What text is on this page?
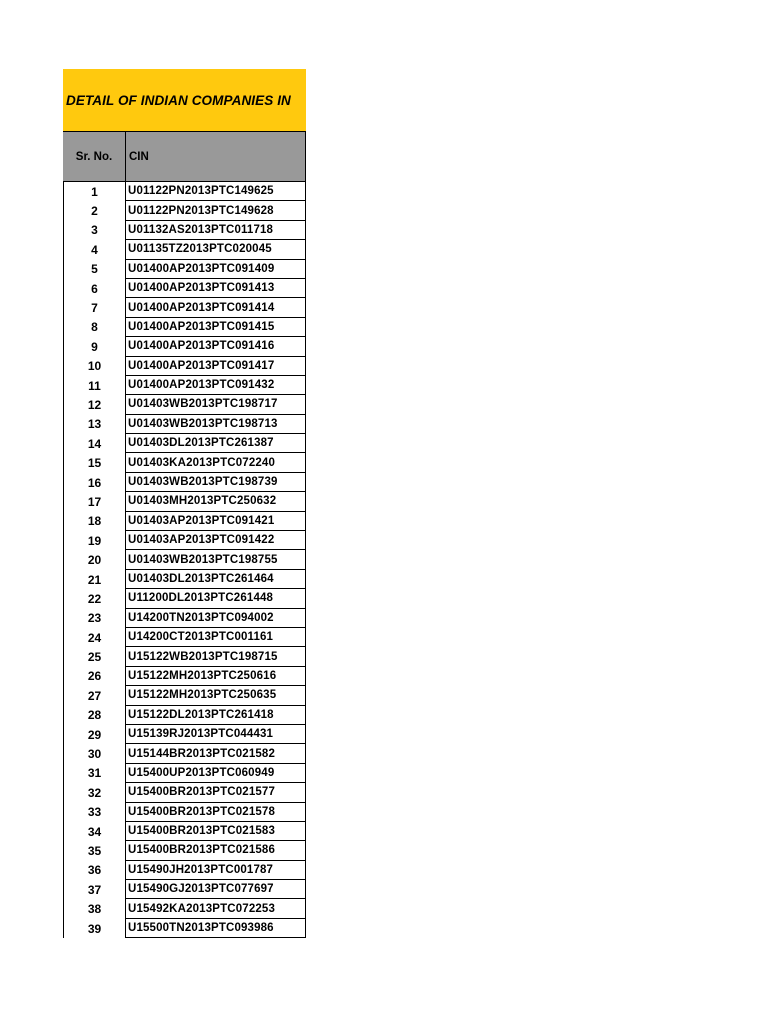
DETAIL OF INDIAN COMPANIES IN
Sr. No.	CIN
1	U01122PN2013PTC149625
2	U01122PN2013PTC149628
3	U01132AS2013PTC011718
4	U01135TZ2013PTC020045
5	U01400AP2013PTC091409
6	U01400AP2013PTC091413
7	U01400AP2013PTC091414
8	U01400AP2013PTC091415
9	U01400AP2013PTC091416
10	U01400AP2013PTC091417
11	U01400AP2013PTC091432
12	U01403WB2013PTC198717
13	U01403WB2013PTC198713
14	U01403DL2013PTC261387
15	U01403KA2013PTC072240
16	U01403WB2013PTC198739
17	U01403MH2013PTC250632
18	U01403AP2013PTC091421
19	U01403AP2013PTC091422
20	U01403WB2013PTC198755
21	U01403DL2013PTC261464
22	U11200DL2013PTC261448
23	U14200TN2013PTC094002
24	U14200CT2013PTC001161
25	U15122WB2013PTC198715
26	U15122MH2013PTC250616
27	U15122MH2013PTC250635
28	U15122DL2013PTC261418
29	U15139RJ2013PTC044431
30	U15144BR2013PTC021582
31	U15400UP2013PTC060949
32	U15400BR2013PTC021577
33	U15400BR2013PTC021578
34	U15400BR2013PTC021583
35	U15400BR2013PTC021586
36	U15490JH2013PTC001787
37	U15490GJ2013PTC077697
38	U15492KA2013PTC072253
39	U15500TN2013PTC093986
